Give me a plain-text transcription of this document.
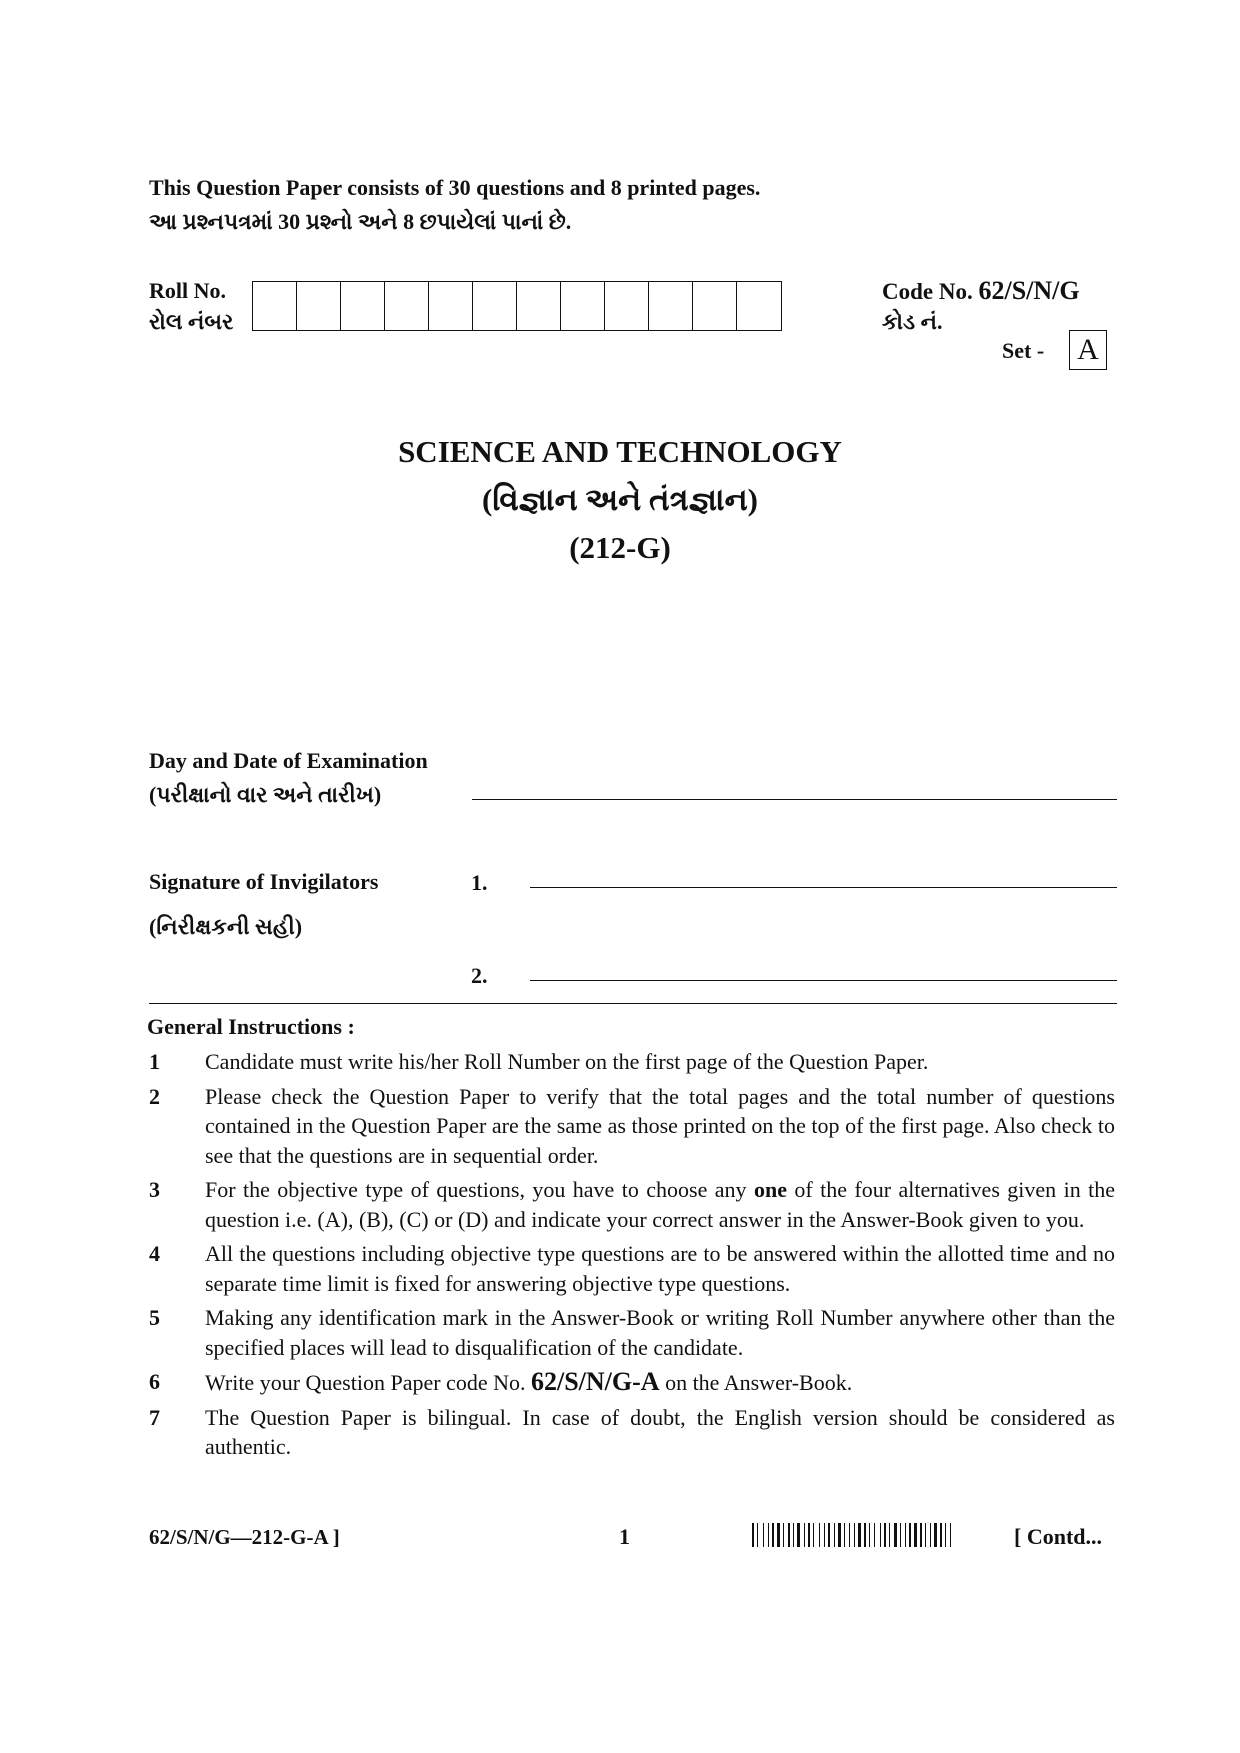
This Question Paper consists of 30 questions and 8 printed pages.
આ પ્રશ્નપત્રમાં 30 પ્રશ્નો અને 8 છપાયેલાં પાનાં છે.
Roll No.
રોલ નંબર
Code No. 62/S/N/G
કોડ નં.
Set - A
SCIENCE AND TECHNOLOGY
(વિજ્ઞાન અને તંત્રજ્ઞાન)
(212-G)
Day and Date of Examination
(પરીક્ષાનો વાર અને તારીખ)
Signature of Invigilators
(નિરીક્ષકની સહી)
1.
2.
General Instructions :
1	Candidate must write his/her Roll Number on the first page of the Question Paper.
2	Please check the Question Paper to verify that the total pages and the total number of questions contained in the Question Paper are the same as those printed on the top of the first page. Also check to see that the questions are in sequential order.
3	For the objective type of questions, you have to choose any one of the four alternatives given in the question i.e. (A), (B), (C) or (D) and indicate your correct answer in the Answer-Book given to you.
4	All the questions including objective type questions are to be answered within the allotted time and no separate time limit is fixed for answering objective type questions.
5	Making any identification mark in the Answer-Book or writing Roll Number anywhere other than the specified places will lead to disqualification of the candidate.
6	Write your Question Paper code No. 62/S/N/G-A on the Answer-Book.
7	The Question Paper is bilingual. In case of doubt, the English version should be considered as authentic.
62/S/N/G—212-G-A ]	1	[ Contd...
